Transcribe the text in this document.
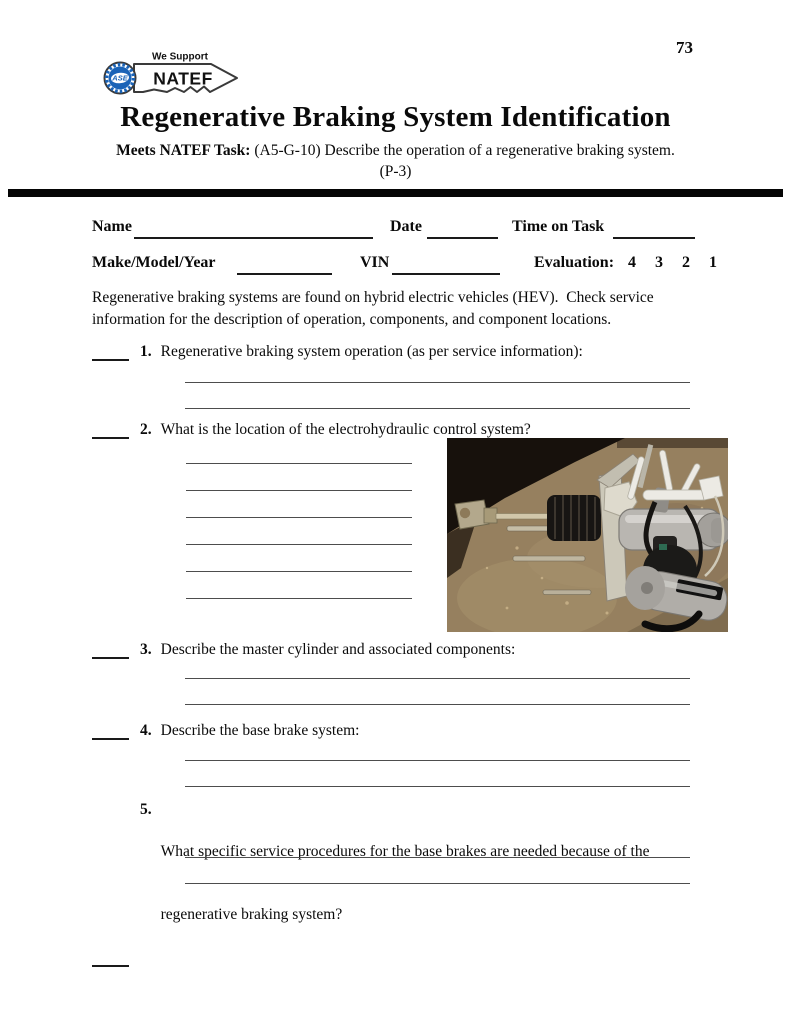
ASE
We Support
NATEF
73
Regenerative Braking System Identification
Meets NATEF Task: (A5-G-10) Describe the operation of a regenerative braking system.
(P-3)
Name	Date	Time on Task
Make/Model/Year	VIN	Evaluation: 4 3 2 1
Regenerative braking systems are found on hybrid electric vehicles (HEV).  Check service
information for the description of operation, components, and component locations.
1. Regenerative braking system operation (as per service information):
2. What is the location of the electrohydraulic control system?
3. Describe the master cylinder and associated components:
4. Describe the base brake system:
5.

What specific service procedures for the base brakes are needed because of the

regenerative braking system?
